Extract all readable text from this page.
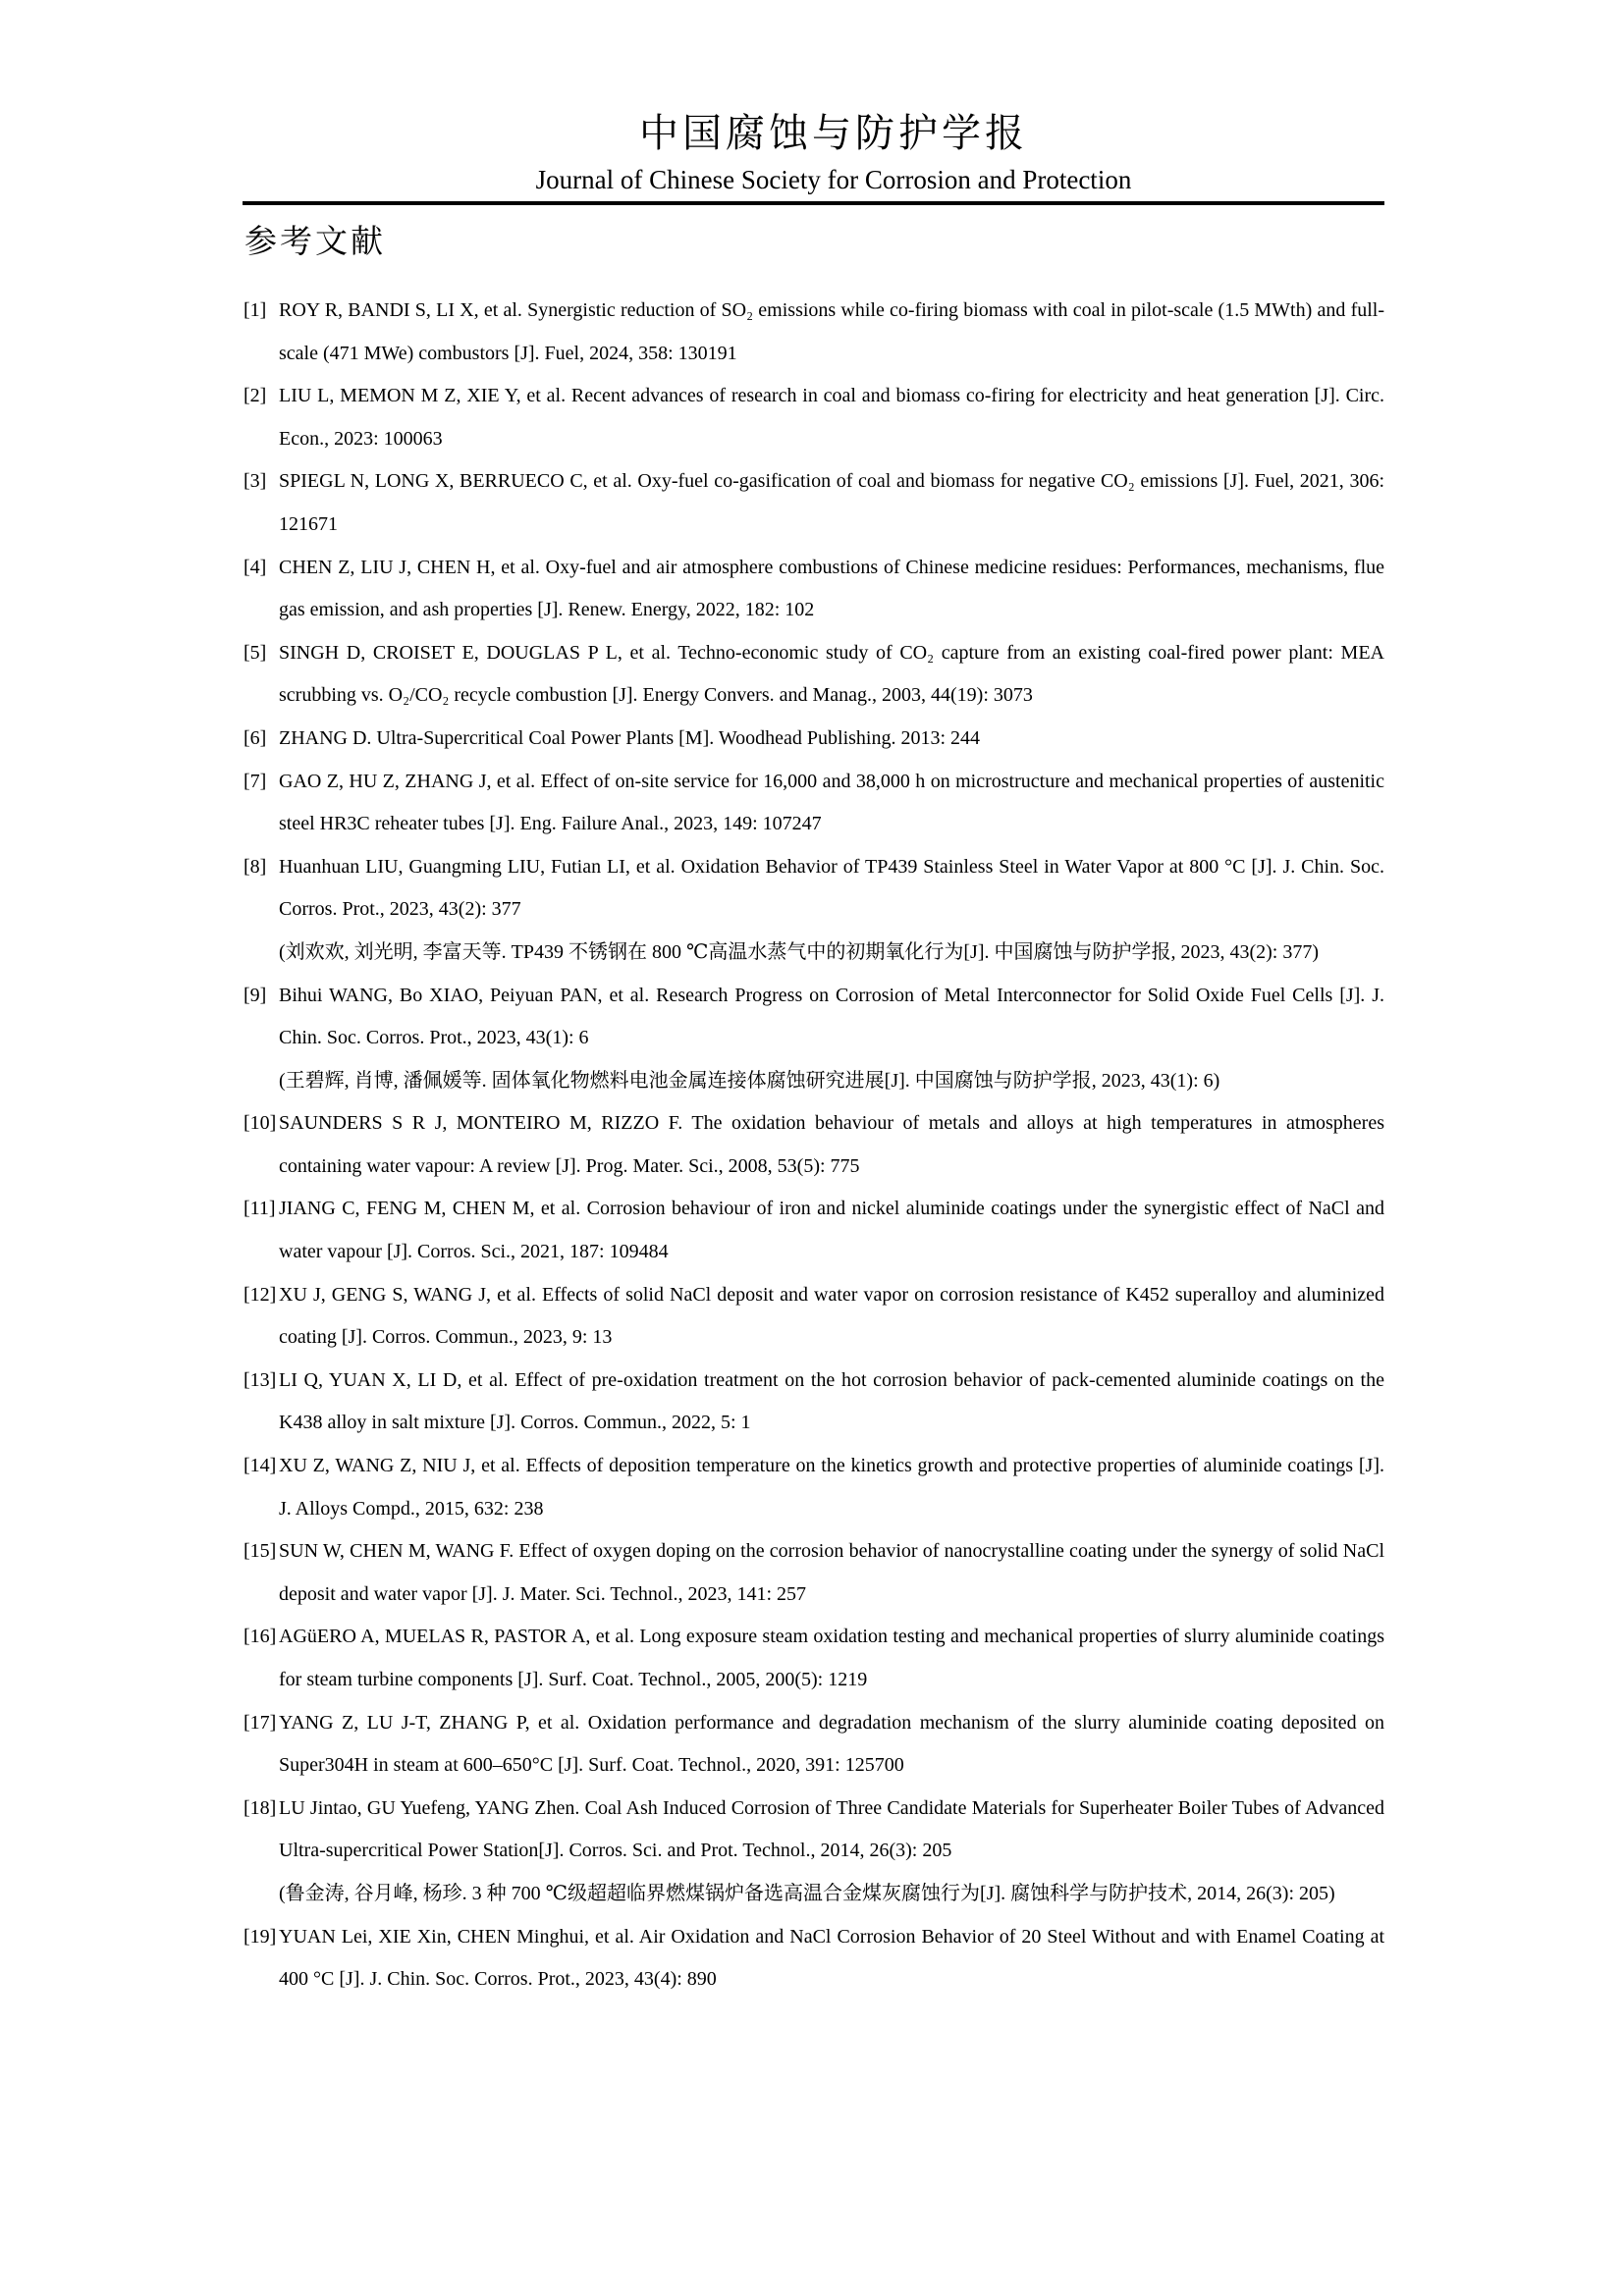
中国腐蚀与防护学报
Journal of Chinese Society for Corrosion and Protection
参考文献

[1] ROY R, BANDI S, LI X, et al. Synergistic reduction of SO₂ emissions while co-firing biomass with coal in pilot-scale (1.5 MWth) and full-scale (471 MWe) combustors [J]. Fuel, 2024, 358: 130191

[2] LIU L, MEMON M Z, XIE Y, et al. Recent advances of research in coal and biomass co-firing for electricity and heat generation [J]. Circ. Econ., 2023: 100063

[3] SPIEGL N, LONG X, BERRUECO C, et al. Oxy-fuel co-gasification of coal and biomass for negative CO₂ emissions [J]. Fuel, 2021, 306: 121671

[4] CHEN Z, LIU J, CHEN H, et al. Oxy-fuel and air atmosphere combustions of Chinese medicine residues: Performances, mechanisms, flue gas emission, and ash properties [J]. Renew. Energy, 2022, 182: 102

[5] SINGH D, CROISET E, DOUGLAS P L, et al. Techno-economic study of CO₂ capture from an existing coal-fired power plant: MEA scrubbing vs. O₂/CO₂ recycle combustion [J]. Energy Convers. and Manag., 2003, 44(19): 3073

[6] ZHANG D. Ultra-Supercritical Coal Power Plants [M]. Woodhead Publishing. 2013: 244

[7] GAO Z, HU Z, ZHANG J, et al. Effect of on-site service for 16,000 and 38,000 h on microstructure and mechanical properties of austenitic steel HR3C reheater tubes [J]. Eng. Failure Anal., 2023, 149: 107247

[8] Huanhuan LIU, Guangming LIU, Futian LI, et al. Oxidation Behavior of TP439 Stainless Steel in Water Vapor at 800 °C [J]. J. Chin. Soc. Corros. Prot., 2023, 43(2): 377

(刘欢欢, 刘光明, 李富天等. TP439 不锈钢在 800 ℃高温水蒸气中的初期氧化行为[J]. 中国腐蚀与防护学报, 2023, 43(2): 377)

[9] Bihui WANG, Bo XIAO, Peiyuan PAN, et al. Research Progress on Corrosion of Metal Interconnector for Solid Oxide Fuel Cells [J]. J. Chin. Soc. Corros. Prot., 2023, 43(1): 6

(王碧辉, 肖博, 潘佩媛等. 固体氧化物燃料电池金属连接体腐蚀研究进展[J]. 中国腐蚀与防护学报, 2023, 43(1): 6)

[10] SAUNDERS S R J, MONTEIRO M, RIZZO F. The oxidation behaviour of metals and alloys at high temperatures in atmospheres containing water vapour: A review [J]. Prog. Mater. Sci., 2008, 53(5): 775

[11] JIANG C, FENG M, CHEN M, et al. Corrosion behaviour of iron and nickel aluminide coatings under the synergistic effect of NaCl and water vapour [J]. Corros. Sci., 2021, 187: 109484

[12] XU J, GENG S, WANG J, et al. Effects of solid NaCl deposit and water vapor on corrosion resistance of K452 superalloy and aluminized coating [J]. Corros. Commun., 2023, 9: 13

[13] LI Q, YUAN X, LI D, et al. Effect of pre-oxidation treatment on the hot corrosion behavior of pack-cemented aluminide coatings on the K438 alloy in salt mixture [J]. Corros. Commun., 2022, 5: 1

[14] XU Z, WANG Z, NIU J, et al. Effects of deposition temperature on the kinetics growth and protective properties of aluminide coatings [J]. J. Alloys Compd., 2015, 632: 238

[15] SUN W, CHEN M, WANG F. Effect of oxygen doping on the corrosion behavior of nanocrystalline coating under the synergy of solid NaCl deposit and water vapor [J]. J. Mater. Sci. Technol., 2023, 141: 257

[16] AGüERO A, MUELAS R, PASTOR A, et al. Long exposure steam oxidation testing and mechanical properties of slurry aluminide coatings for steam turbine components [J]. Surf. Coat. Technol., 2005, 200(5): 1219

[17] YANG Z, LU J-T, ZHANG P, et al. Oxidation performance and degradation mechanism of the slurry aluminide coating deposited on Super304H in steam at 600–650°C [J]. Surf. Coat. Technol., 2020, 391: 125700

[18] LU Jintao, GU Yuefeng, YANG Zhen. Coal Ash Induced Corrosion of Three Candidate Materials for Superheater Boiler Tubes of Advanced Ultra-supercritical Power Station[J]. Corros. Sci. and Prot. Technol., 2014, 26(3): 205

(鲁金涛, 谷月峰, 杨珍. 3 种 700 ℃级超超临界燃煤锅炉备选高温合金煤灰腐蚀行为[J]. 腐蚀科学与防护技术, 2014, 26(3): 205)

[19] YUAN Lei, XIE Xin, CHEN Minghui, et al. Air Oxidation and NaCl Corrosion Behavior of 20 Steel Without and with Enamel Coating at 400 °C [J]. J. Chin. Soc. Corros. Prot., 2023, 43(4): 890
